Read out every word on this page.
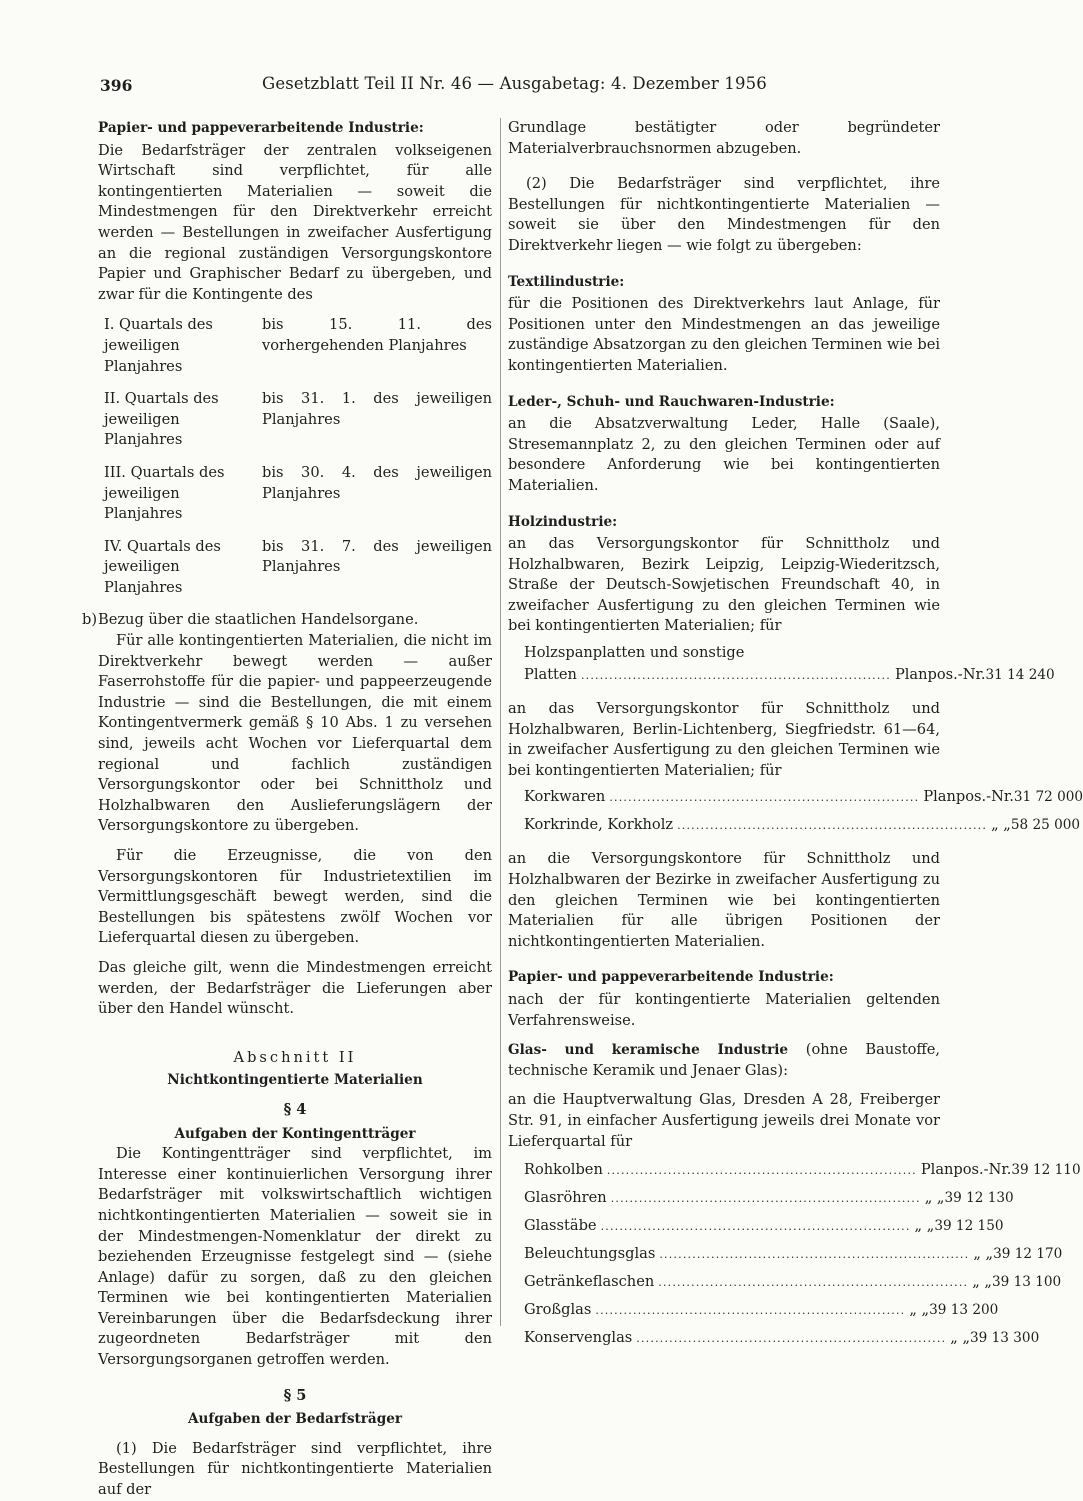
396	Gesetzblatt Teil II Nr. 46 — Ausgabetag: 4. Dezember 1956

Papier- und pappeverarbeitende Industrie:

Die Bedarfsträger der zentralen volkseigenen Wirtschaft sind verpflichtet, für alle kontingentierten Materialien — soweit die Mindestmengen für den Direktverkehr erreicht werden — Bestellungen in zweifacher Ausfertigung an die regional zuständigen Versorgungskontore Papier und Graphischer Bedarf zu übergeben, und zwar für die Kontingente des

I. Quartals des jeweiligen Planjahres
bis 15. 11. des vorhergehenden Planjahres
II. Quartals des jeweiligen Planjahres
bis 31. 1. des jeweiligen Planjahres
III. Quartals des jeweiligen Planjahres
bis 30. 4. des jeweiligen Planjahres
IV. Quartals des jeweiligen Planjahres
bis 31. 7. des jeweiligen Planjahres

b)Bezug über die staatlichen Handelsorgane.

Für alle kontingentierten Materialien, die nicht im Direktverkehr bewegt werden — außer Faserrohstoffe für die papier- und pappeerzeugende Industrie — sind die Bestellungen, die mit einem Kontingentvermerk gemäß § 10 Abs. 1 zu versehen sind, jeweils acht Wochen vor Lieferquartal dem regional und fachlich zuständigen Versorgungskontor oder bei Schnittholz und Holzhalbwaren den Auslieferungslägern der Versorgungskontore zu übergeben.

Für die Erzeugnisse, die von den Versorgungskontoren für Industrietextilien im Vermittlungsgeschäft bewegt werden, sind die Bestellungen bis spätestens zwölf Wochen vor Lieferquartal diesen zu übergeben.

Das gleiche gilt, wenn die Mindestmengen erreicht werden, der Bedarfsträger die Lieferungen aber über den Handel wünscht.

Abschnitt II

Nichtkontingentierte Materialien

§ 4

Aufgaben der Kontingentträger

Die Kontingentträger sind verpflichtet, im Interesse einer kontinuierlichen Versorgung ihrer Bedarfsträger mit volkswirtschaftlich wichtigen nichtkontingentierten Materialien — soweit sie in der Mindestmengen-Nomenklatur der direkt zu beziehenden Erzeugnisse festgelegt sind — (siehe Anlage) dafür zu sorgen, daß zu den gleichen Terminen wie bei kontingentierten Materialien Vereinbarungen über die Bedarfsdeckung ihrer zugeordneten Bedarfsträger mit den Versorgungsorganen getroffen werden.

§ 5

Aufgaben der Bedarfsträger

(1) Die Bedarfsträger sind verpflichtet, ihre Bestellungen für nichtkontingentierte Materialien auf der

Grundlage bestätigter oder begründeter Materialverbrauchsnormen abzugeben.

(2) Die Bedarfsträger sind verpflichtet, ihre Bestellungen für nichtkontingentierte Materialien — soweit sie über den Mindestmengen für den Direktverkehr liegen — wie folgt zu übergeben:

Textilindustrie:

für die Positionen des Direktverkehrs laut Anlage, für Positionen unter den Mindestmengen an das jeweilige zuständige Absatzorgan zu den gleichen Terminen wie bei kontingentierten Materialien.

Leder-, Schuh- und Rauchwaren-Industrie:

an die Absatzverwaltung Leder, Halle (Saale), Stresemannplatz 2, zu den gleichen Terminen oder auf besondere Anforderung wie bei kontingentierten Materialien.

Holzindustrie:

an das Versorgungskontor für Schnittholz und Holzhalbwaren, Bezirk Leipzig, Leipzig-Wiederitzsch, Straße der Deutsch-Sowjetischen Freundschaft 40, in zweifacher Ausfertigung zu den gleichen Terminen wie bei kontingentierten Materialien; für

Holzspanplatten und sonstige
Platten .................................................................. Planpos.-Nr. 31 14 240

an das Versorgungskontor für Schnittholz und Holzhalbwaren, Berlin-Lichtenberg, Siegfriedstr. 61—64, in zweifacher Ausfertigung zu den gleichen Terminen wie bei kontingentierten Materialien; für

Korkwaren .................................................................. Planpos.-Nr. 31 72 000
Korkrinde, Korkholz .................................................................. „ „ 58 25 000

an die Versorgungskontore für Schnittholz und Holzhalbwaren der Bezirke in zweifacher Ausfertigung zu den gleichen Terminen wie bei kontingentierten Materialien für alle übrigen Positionen der nichtkontingentierten Materialien.

Papier- und pappeverarbeitende Industrie:

nach der für kontingentierte Materialien geltenden Verfahrensweise.

Glas- und keramische Industrie (ohne Baustoffe, technische Keramik und Jenaer Glas):

an die Hauptverwaltung Glas, Dresden A 28, Freiberger Str. 91, in einfacher Ausfertigung jeweils drei Monate vor Lieferquartal für

Rohkolben .................................................................. Planpos.-Nr. 39 12 110
Glasröhren .................................................................. „ „ 39 12 130
Glasstäbe .................................................................. „ „ 39 12 150
Beleuchtungsglas .................................................................. „ „ 39 12 170
Getränkeflaschen .................................................................. „ „ 39 13 100
Großglas .................................................................. „ „ 39 13 200
Konservenglas .................................................................. „ „ 39 13 300
